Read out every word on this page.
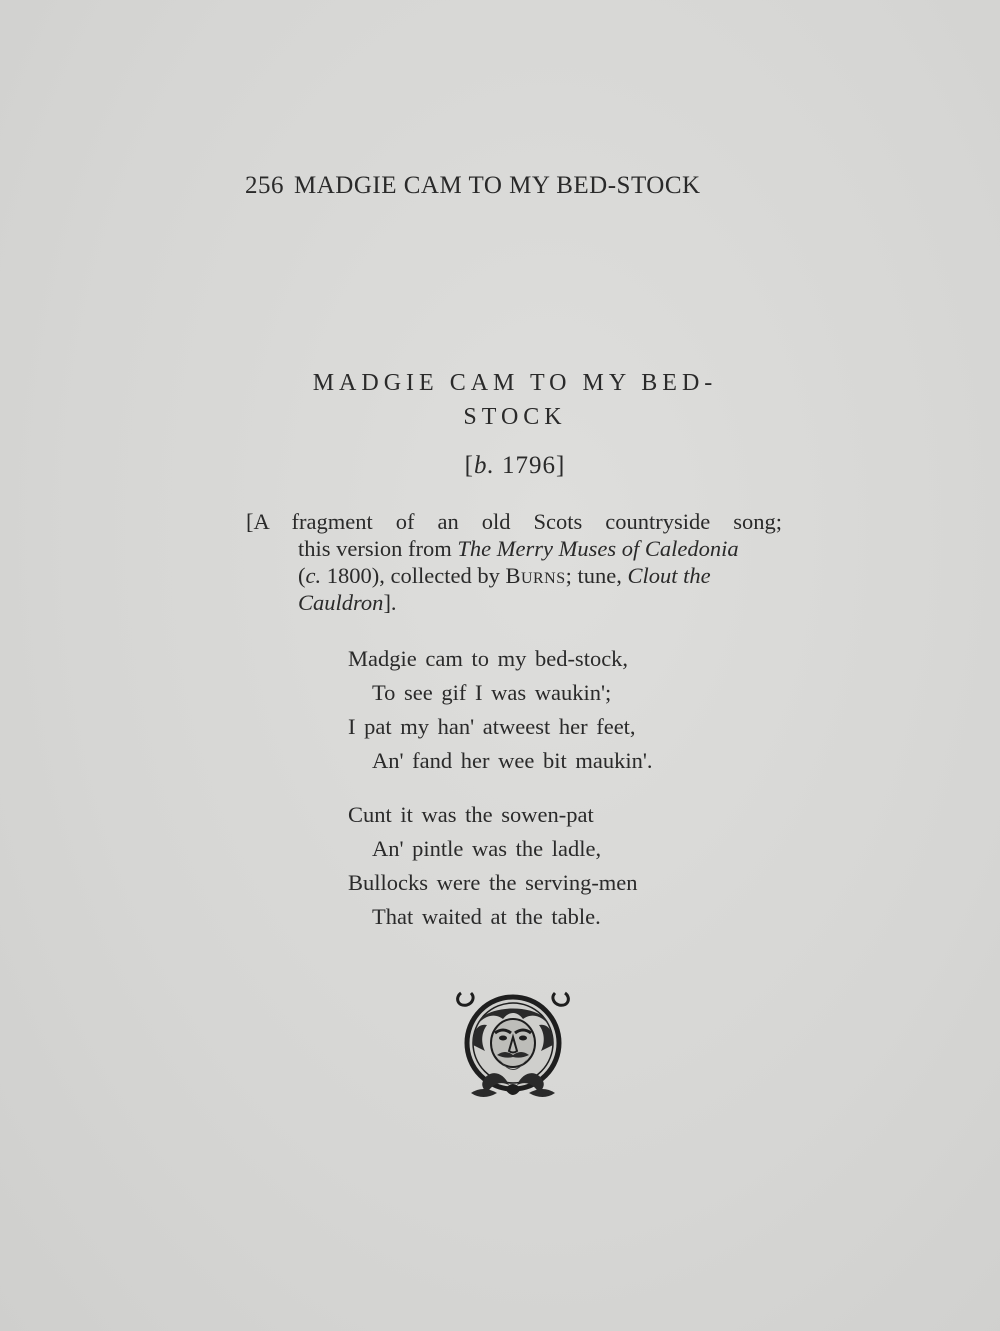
256 MADGIE CAM TO MY BED-STOCK
MADGIE CAM TO MY BED-
STOCK
[b. 1796]
[A fragment of an old Scots countryside song;
this version from The Merry Muses of Caledonia
(c. 1800), collected by Burns; tune, Clout the
Cauldron].
Madgie cam to my bed-stock,
To see gif I was waukin';
I pat my han' atweest her feet,
An' fand her wee bit maukin'.
Cunt it was the sowen-pat
An' pintle was the ladle,
Bullocks were the serving-men
That waited at the table.
